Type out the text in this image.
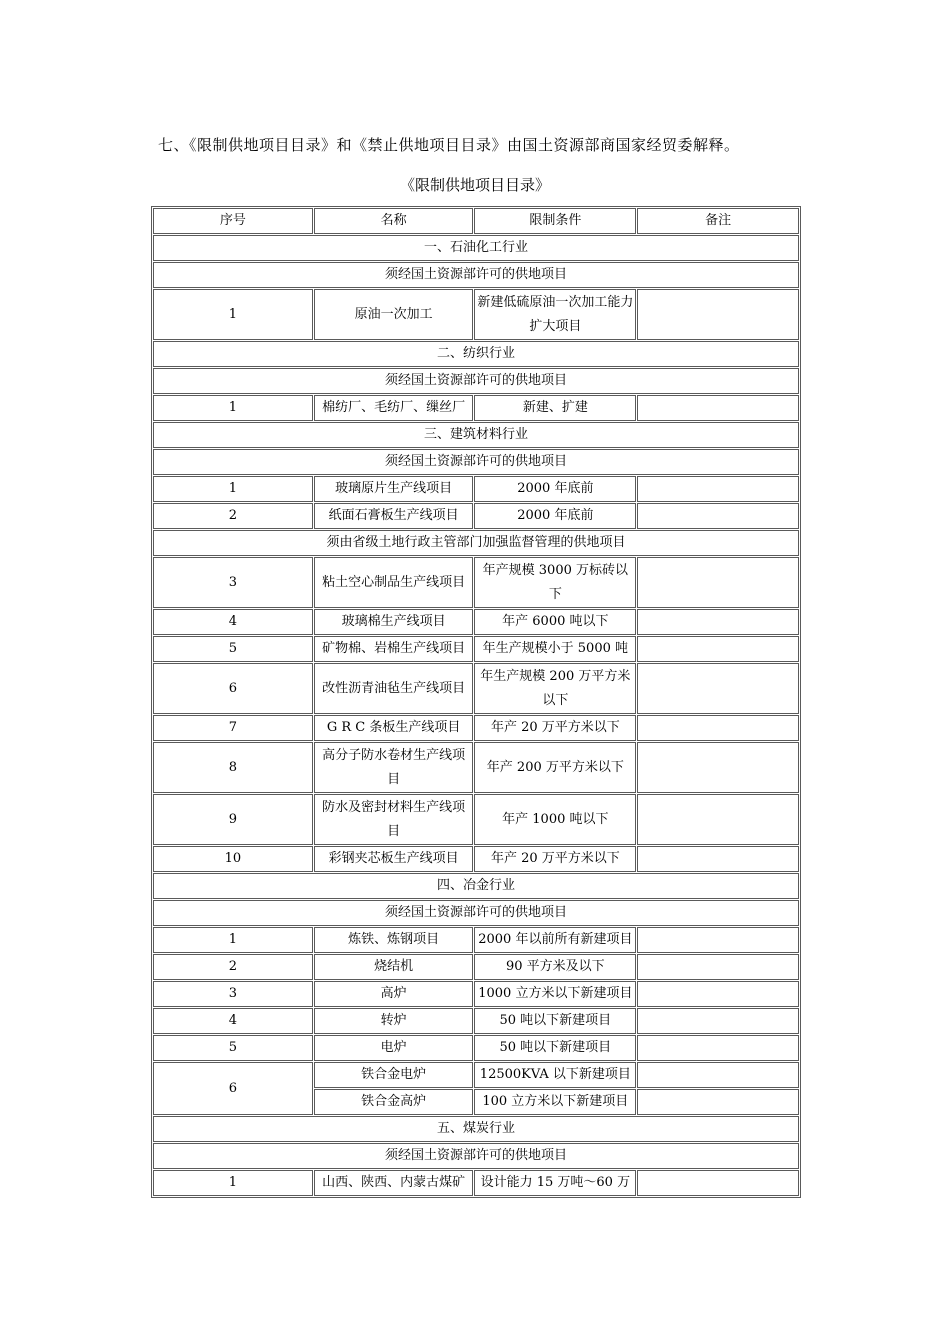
七、《限制供地项目目录》和《禁止供地项目目录》由国土资源部商国家经贸委解释。
《限制供地项目目录》
序号	名称	限制条件	备注
一、石油化工行业			
须经国土资源部许可的供地项目			
1	原油一次加工	新建低硫原油一次加工能力扩大项目	
二、纺织行业			
须经国土资源部许可的供地项目			
1	棉纺厂、毛纺厂、缫丝厂	新建、扩建	
三、建筑材料行业			
须经国土资源部许可的供地项目			
1	玻璃原片生产线项目	2000 年底前	
2	纸面石膏板生产线项目	2000 年底前	
须由省级土地行政主管部门加强监督管理的供地项目			
3	粘土空心制品生产线项目	年产规模 3000 万标砖以下	
4	玻璃棉生产线项目	年产 6000 吨以下	
5	矿物棉、岩棉生产线项目	年生产规模小于 5000 吨	
6	改性沥青油毡生产线项目	年生产规模 200 万平方米以下	
7	G R C 条板生产线项目	年产 20 万平方米以下	
8	高分子防水卷材生产线项目	年产 200 万平方米以下	
9	防水及密封材料生产线项目	年产 1000 吨以下	
10	彩钢夹芯板生产线项目	年产 20 万平方米以下	
四、冶金行业			
须经国土资源部许可的供地项目			
1	炼铁、炼钢项目	2000 年以前所有新建项目	
2	烧结机	90 平方米及以下	
3	高炉	1000 立方米以下新建项目	
4	转炉	50 吨以下新建项目	
5	电炉	50 吨以下新建项目	
6	铁合金电炉	12500KVA 以下新建项目	
	铁合金高炉	100 立方米以下新建项目	
五、煤炭行业			
须经国土资源部许可的供地项目			
1	山西、陕西、内蒙古煤矿	设计能力 15 万吨～60 万	
